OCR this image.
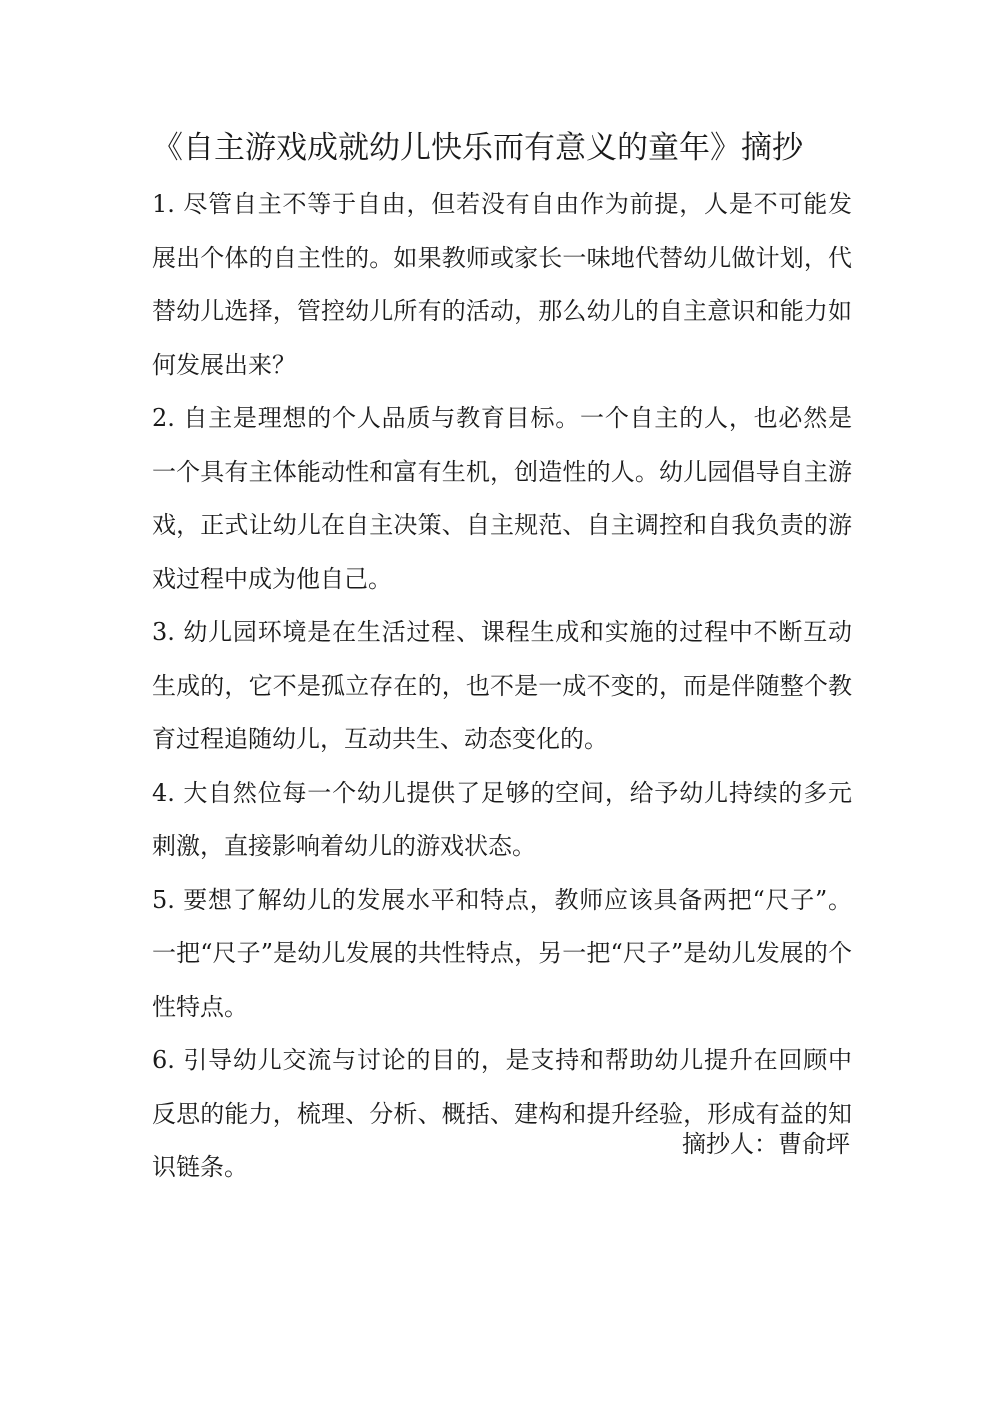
《自主游戏成就幼儿快乐而有意义的童年》摘抄

1. 尽管自主不等于自由，但若没有自由作为前提，人是不可能发展出个体的自主性的。如果教师或家长一味地代替幼儿做计划，代替幼儿选择，管控幼儿所有的活动，那么幼儿的自主意识和能力如何发展出来？

2. 自主是理想的个人品质与教育目标。一个自主的人，也必然是一个具有主体能动性和富有生机，创造性的人。幼儿园倡导自主游戏，正式让幼儿在自主决策、自主规范、自主调控和自我负责的游戏过程中成为他自己。

3. 幼儿园环境是在生活过程、课程生成和实施的过程中不断互动生成的，它不是孤立存在的，也不是一成不变的，而是伴随整个教育过程追随幼儿，互动共生、动态变化的。

4. 大自然位每一个幼儿提供了足够的空间，给予幼儿持续的多元刺激，直接影响着幼儿的游戏状态。

5. 要想了解幼儿的发展水平和特点，教师应该具备两把“尺子”。一把“尺子”是幼儿发展的共性特点，另一把“尺子”是幼儿发展的个性特点。

6. 引导幼儿交流与讨论的目的，是支持和帮助幼儿提升在回顾中反思的能力，梳理、分析、概括、建构和提升经验，形成有益的知识链条。

摘抄人：曹俞坪
